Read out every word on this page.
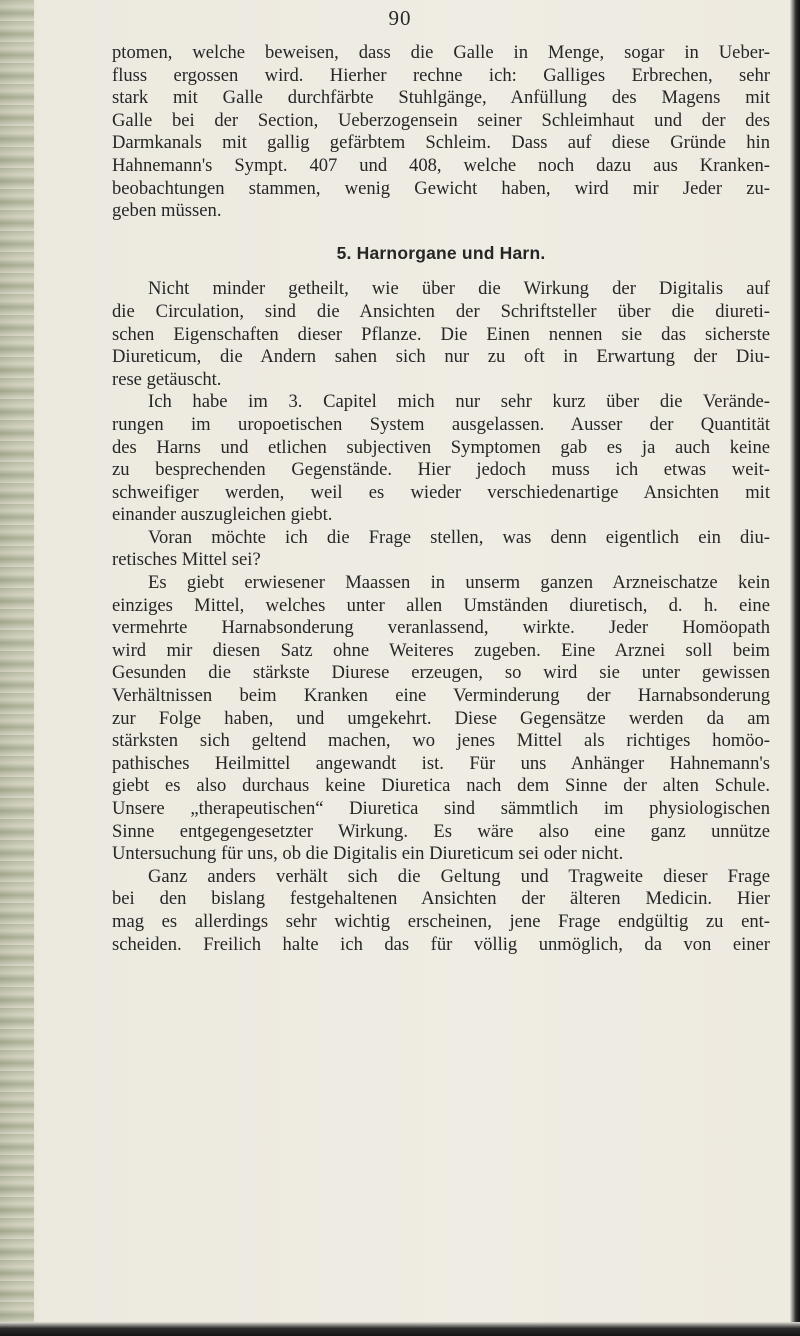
90
ptomen, welche beweisen, dass die Galle in Menge, sogar in Ueber-
fluss ergossen wird. Hierher rechne ich: Galliges Erbrechen, sehr
stark mit Galle durchfärbte Stuhlgänge, Anfüllung des Magens mit
Galle bei der Section, Ueberzogensein seiner Schleimhaut und der des
Darmkanals mit gallig gefärbtem Schleim. Dass auf diese Gründe hin
Hahnemann's Sympt. 407 und 408, welche noch dazu aus Kranken-
beobachtungen stammen, wenig Gewicht haben, wird mir Jeder zu-
geben müssen.
5. Harnorgane und Harn.
Nicht minder getheilt, wie über die Wirkung der Digitalis auf
die Circulation, sind die Ansichten der Schriftsteller über die diureti-
schen Eigenschaften dieser Pflanze. Die Einen nennen sie das sicherste
Diureticum, die Andern sahen sich nur zu oft in Erwartung der Diu-
rese getäuscht.
Ich habe im 3. Capitel mich nur sehr kurz über die Verände-
rungen im uropoetischen System ausgelassen. Ausser der Quantität
des Harns und etlichen subjectiven Symptomen gab es ja auch keine
zu besprechenden Gegenstände. Hier jedoch muss ich etwas weit-
schweifiger werden, weil es wieder verschiedenartige Ansichten mit
einander auszugleichen giebt.
Voran möchte ich die Frage stellen, was denn eigentlich ein diu-
retisches Mittel sei?
Es giebt erwiesener Maassen in unserm ganzen Arzneischatze kein
einziges Mittel, welches unter allen Umständen diuretisch, d. h. eine
vermehrte Harnabsonderung veranlassend, wirkte. Jeder Homöopath
wird mir diesen Satz ohne Weiteres zugeben. Eine Arznei soll beim
Gesunden die stärkste Diurese erzeugen, so wird sie unter gewissen
Verhältnissen beim Kranken eine Verminderung der Harnabsonderung
zur Folge haben, und umgekehrt. Diese Gegensätze werden da am
stärksten sich geltend machen, wo jenes Mittel als richtiges homöo-
pathisches Heilmittel angewandt ist. Für uns Anhänger Hahnemann's
giebt es also durchaus keine Diuretica nach dem Sinne der alten Schule.
Unsere „therapeutischen“ Diuretica sind sämmtlich im physiologischen
Sinne entgegengesetzter Wirkung. Es wäre also eine ganz unnütze
Untersuchung für uns, ob die Digitalis ein Diureticum sei oder nicht.
Ganz anders verhält sich die Geltung und Tragweite dieser Frage
bei den bislang festgehaltenen Ansichten der älteren Medicin. Hier
mag es allerdings sehr wichtig erscheinen, jene Frage endgültig zu ent-
scheiden. Freilich halte ich das für völlig unmöglich, da von einer
